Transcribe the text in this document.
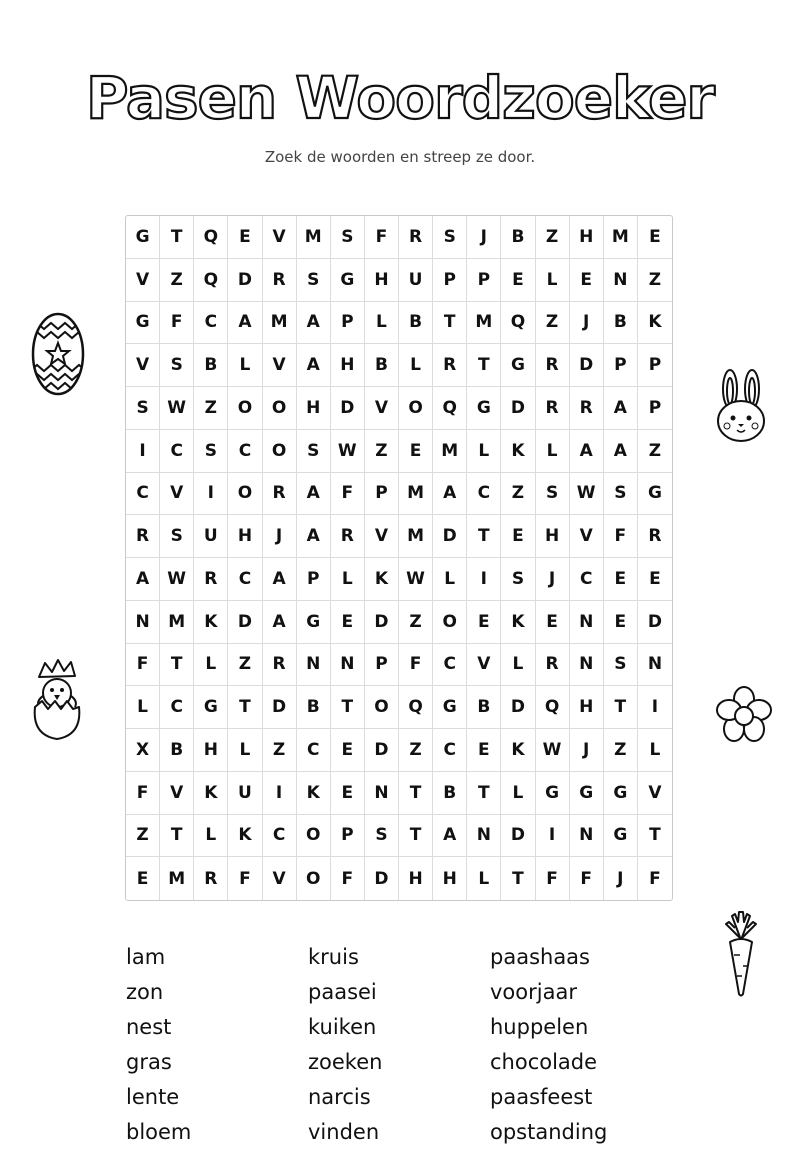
Pasen Woordzoeker
Zoek de woorden en streep ze door.
G	T	Q	E	V	M	S	F	R	S	J	B	Z	H	M	E
V	Z	Q	D	R	S	G	H	U	P	P	E	L	E	N	Z
G	F	C	A	M	A	P	L	B	T	M	Q	Z	J	B	K
V	S	B	L	V	A	H	B	L	R	T	G	R	D	P	P
S	W	Z	O	O	H	D	V	O	Q	G	D	R	R	A	P
I	C	S	C	O	S	W	Z	E	M	L	K	L	A	A	Z
C	V	I	O	R	A	F	P	M	A	C	Z	S	W	S	G
R	S	U	H	J	A	R	V	M	D	T	E	H	V	F	R
A	W	R	C	A	P	L	K	W	L	I	S	J	C	E	E
N	M	K	D	A	G	E	D	Z	O	E	K	E	N	E	D
F	T	L	Z	R	N	N	P	F	C	V	L	R	N	S	N
L	C	G	T	D	B	T	O	Q	G	B	D	Q	H	T	I
X	B	H	L	Z	C	E	D	Z	C	E	K	W	J	Z	L
F	V	K	U	I	K	E	N	T	B	T	L	G	G	G	V
Z	T	L	K	C	O	P	S	T	A	N	D	I	N	G	T
E	M	R	F	V	O	F	D	H	H	L	T	F	F	J	F
lam
zon
nest
gras
lente
bloem
kruis
paasei
kuiken
zoeken
narcis
vinden
paashaas
voorjaar
huppelen
chocolade
paasfeest
opstanding
